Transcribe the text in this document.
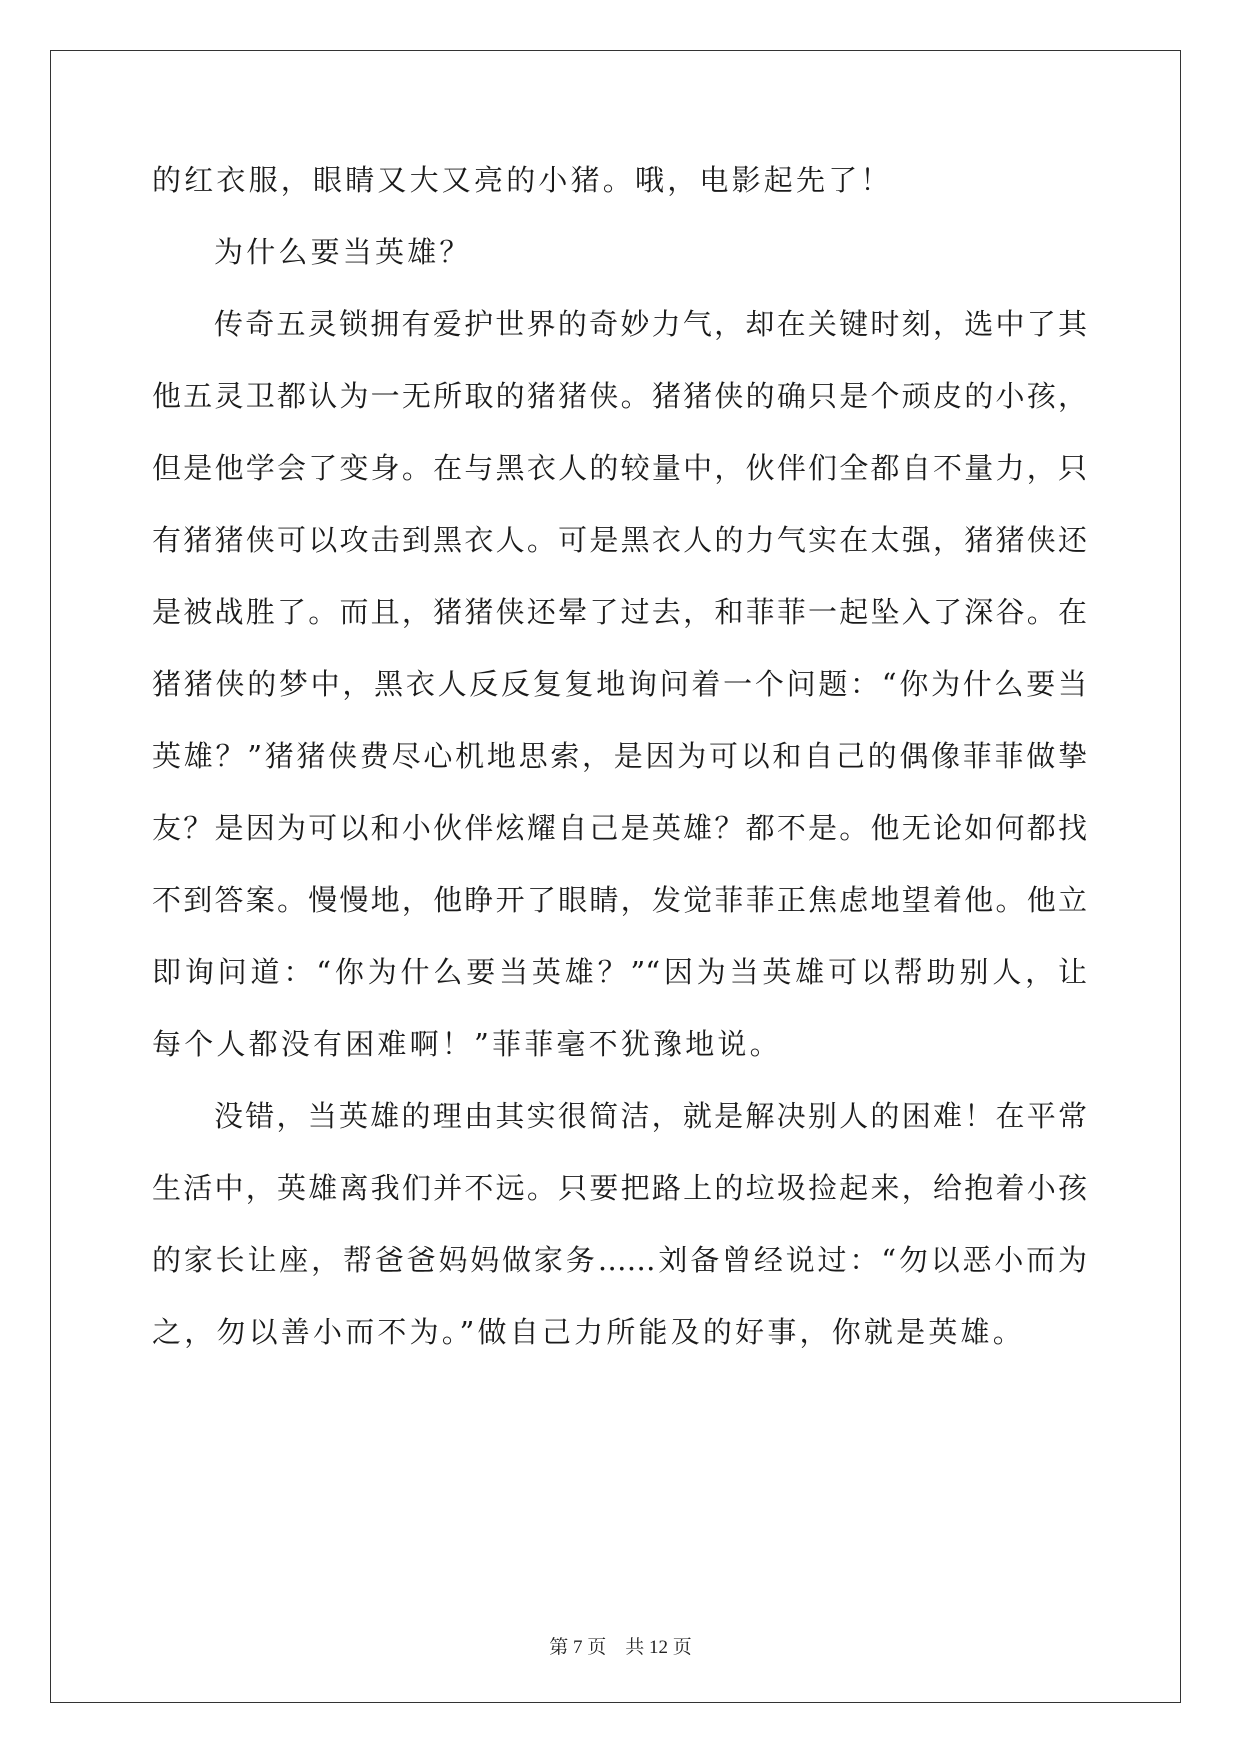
的红衣服，眼睛又大又亮的小猪。哦，电影起先了！
为什么要当英雄？
传奇五灵锁拥有爱护世界的奇妙力气，却在关键时刻，选中了其
他五灵卫都认为一无所取的猪猪侠。猪猪侠的确只是个顽皮的小孩，
但是他学会了变身。在与黑衣人的较量中，伙伴们全都自不量力，只
有猪猪侠可以攻击到黑衣人。可是黑衣人的力气实在太强，猪猪侠还
是被战胜了。而且，猪猪侠还晕了过去，和菲菲一起坠入了深谷。在
猪猪侠的梦中，黑衣人反反复复地询问着一个问题：“你为什么要当
英雄？”猪猪侠费尽心机地思索，是因为可以和自己的偶像菲菲做挚
友？是因为可以和小伙伴炫耀自己是英雄？都不是。他无论如何都找
不到答案。慢慢地，他睁开了眼睛，发觉菲菲正焦虑地望着他。他立
即询问道：“你为什么要当英雄？”“因为当英雄可以帮助别人，让
每个人都没有困难啊！”菲菲毫不犹豫地说。
没错，当英雄的理由其实很简洁，就是解决别人的困难！在平常
生活中，英雄离我们并不远。只要把路上的垃圾捡起来，给抱着小孩
的家长让座，帮爸爸妈妈做家务……刘备曾经说过：“勿以恶小而为
之，勿以善小而不为。”做自己力所能及的好事，你就是英雄。
第 7 页　共 12 页
